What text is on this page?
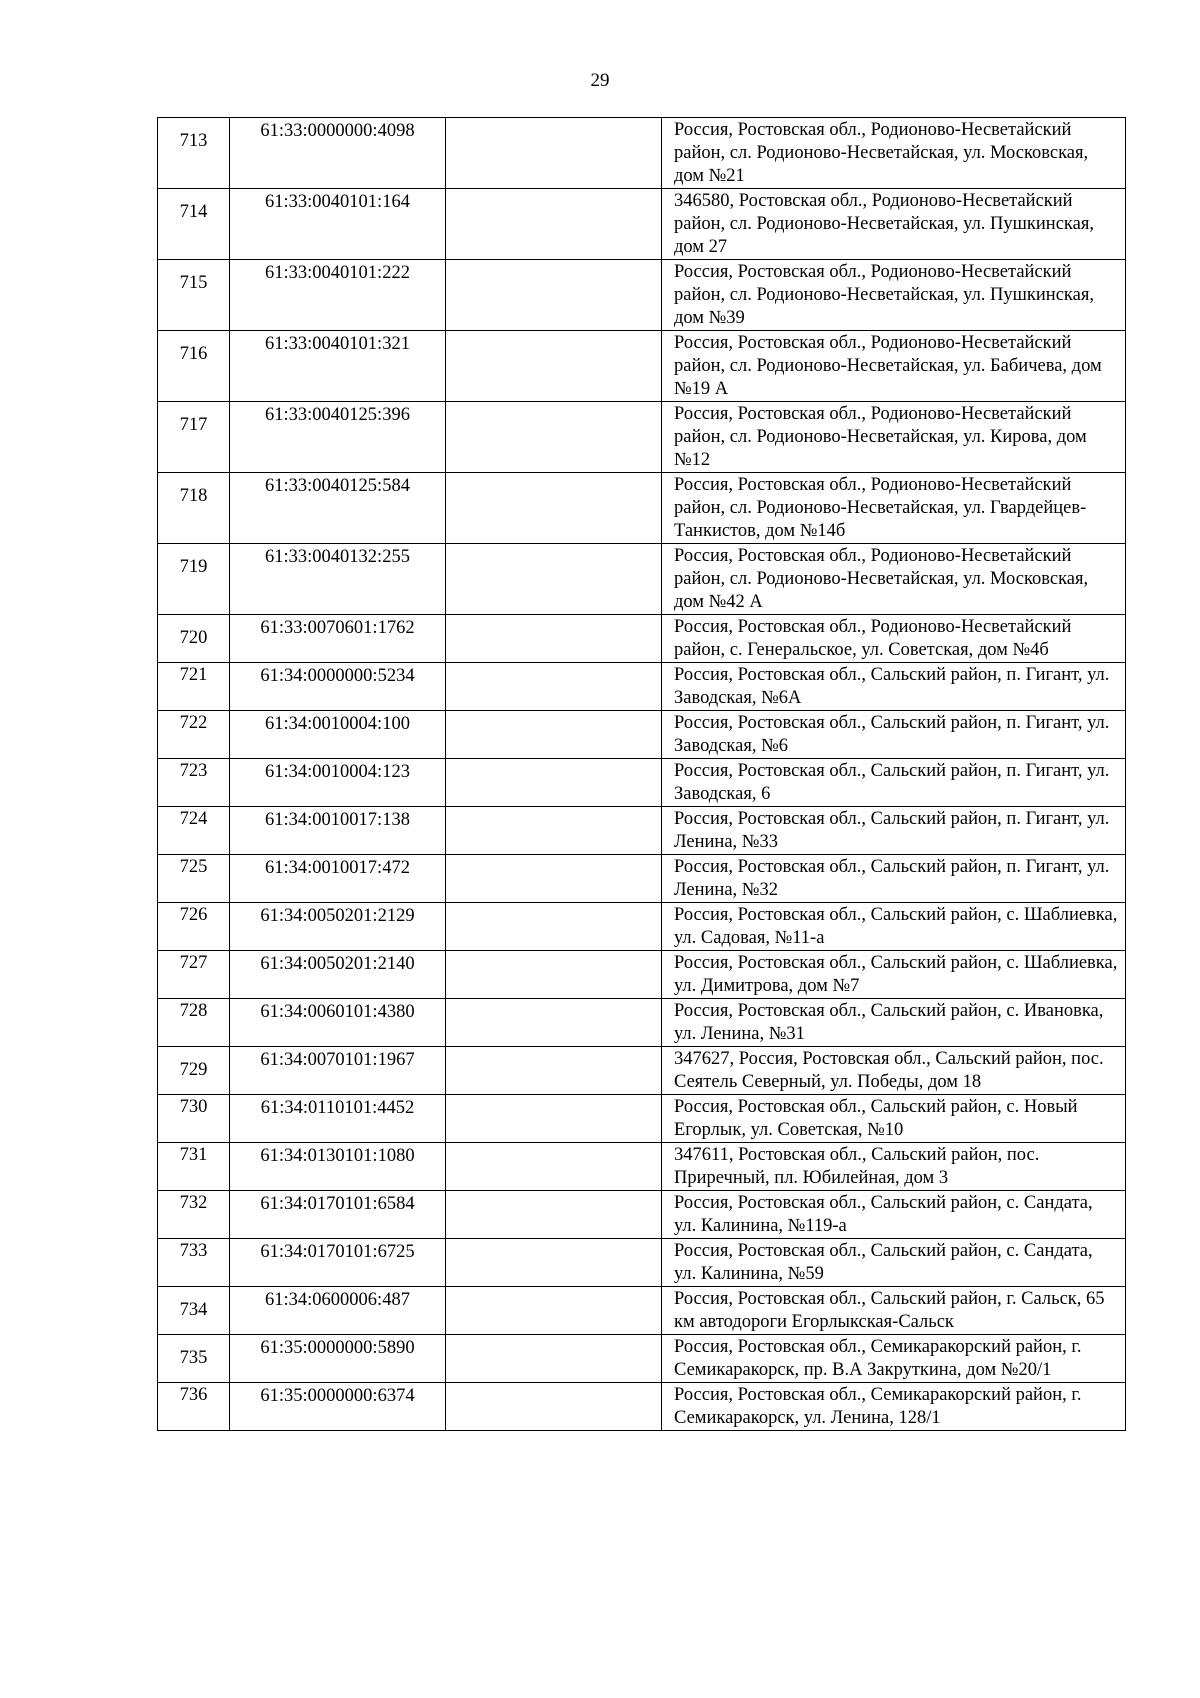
29
713	61:33:0000000:4098		Россия, Ростовская обл., Родионово-Несветайский район, сл. Родионово-Несветайская, ул. Московская, дом №21

714	61:33:0040101:164		346580, Ростовская обл., Родионово-Несветайский район, сл. Родионово-Несветайская, ул. Пушкинская, дом 27

715	61:33:0040101:222		Россия, Ростовская обл., Родионово-Несветайский район, сл. Родионово-Несветайская, ул. Пушкинская, дом №39

716	61:33:0040101:321		Россия, Ростовская обл., Родионово-Несветайский район, сл. Родионово-Несветайская, ул. Бабичева, дом №19 А

717	61:33:0040125:396		Россия, Ростовская обл., Родионово-Несветайский район, сл. Родионово-Несветайская, ул. Кирова, дом №12

718	61:33:0040125:584		Россия, Ростовская обл., Родионово-Несветайский район, сл. Родионово-Несветайская, ул. Гвардейцев-Танкистов, дом №14б

719	61:33:0040132:255		Россия, Ростовская обл., Родионово-Несветайский район, сл. Родионово-Несветайская, ул. Московская, дом №42 А

720	61:33:0070601:1762		Россия, Ростовская обл., Родионово-Несветайский район, с. Генеральское, ул. Советская, дом №4б

721	61:34:0000000:5234		Россия, Ростовская обл., Сальский район, п. Гигант, ул. Заводская, №6А

722	61:34:0010004:100		Россия, Ростовская обл., Сальский район, п. Гигант, ул. Заводская, №6

723	61:34:0010004:123		Россия, Ростовская обл., Сальский район, п. Гигант, ул. Заводская, 6

724	61:34:0010017:138		Россия, Ростовская обл., Сальский район, п. Гигант, ул. Ленина, №33

725	61:34:0010017:472		Россия, Ростовская обл., Сальский район, п. Гигант, ул. Ленина, №32

726	61:34:0050201:2129		Россия, Ростовская обл., Сальский район, с. Шаблиевка, ул. Садовая, №11-а

727	61:34:0050201:2140		Россия, Ростовская обл., Сальский район, с. Шаблиевка, ул. Димитрова, дом №7

728	61:34:0060101:4380		Россия, Ростовская обл., Сальский район, с. Ивановка, ул. Ленина, №31

729	61:34:0070101:1967		347627, Россия, Ростовская обл., Сальский район, пос. Сеятель Северный, ул. Победы, дом 18

730	61:34:0110101:4452		Россия, Ростовская обл., Сальский район, с. Новый Егорлык, ул. Советская, №10

731	61:34:0130101:1080		347611, Ростовская обл., Сальский район, пос. Приречный, пл. Юбилейная, дом 3

732	61:34:0170101:6584		Россия, Ростовская обл., Сальский район, с. Сандата, ул. Калинина, №119-а

733	61:34:0170101:6725		Россия, Ростовская обл., Сальский район, с. Сандата, ул. Калинина, №59

734	61:34:0600006:487		Россия, Ростовская обл., Сальский район, г. Сальск, 65 км автодороги Егорлыкская-Сальск

735	61:35:0000000:5890		Россия, Ростовская обл., Семикаракорский район, г. Семикаракорск, пр. В.А Закруткина, дом №20/1

736	61:35:0000000:6374		Россия, Ростовская обл., Семикаракорский район, г. Семикаракорск, ул. Ленина, 128/1
